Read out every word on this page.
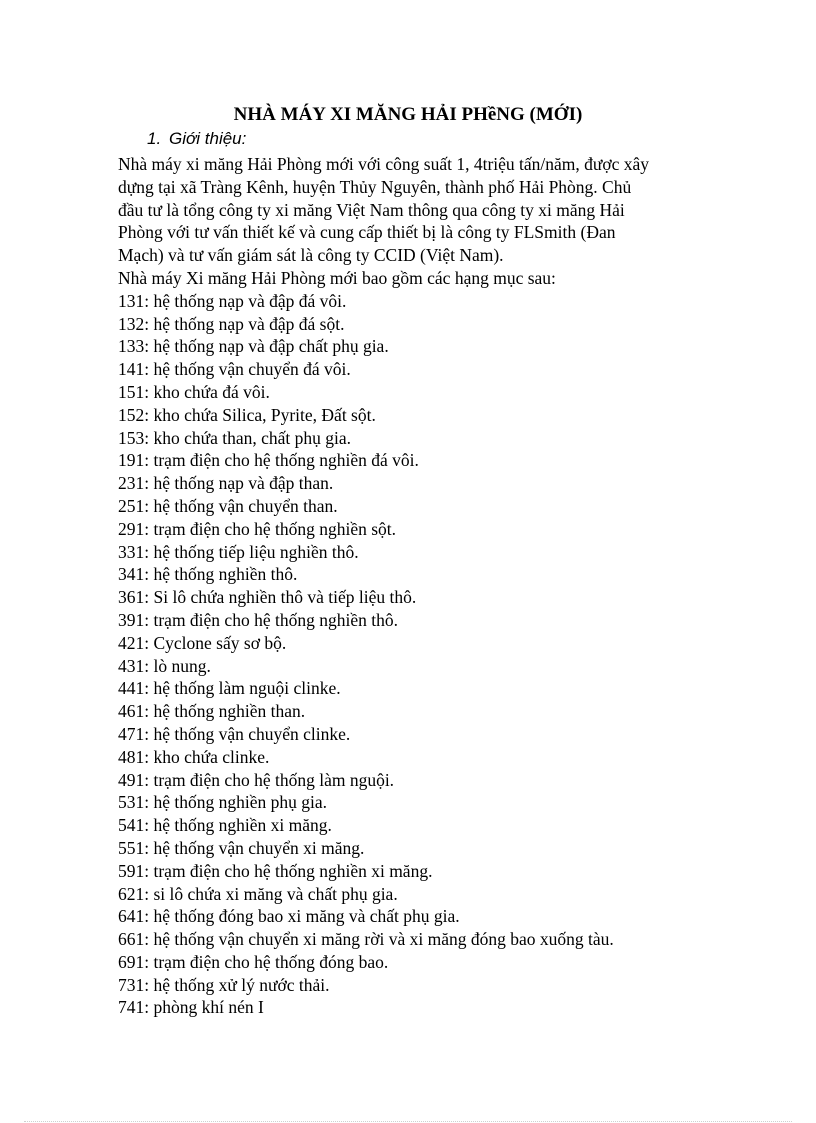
NHÀ MÁY XI MĂNG HẢI PHềNG (MỚI)
1. Giới thiệu:
Nhà máy xi măng Hải Phòng mới với công suất 1, 4triệu tấn/năm, được xây
dựng tại xã Tràng Kênh, huyện Thủy Nguyên, thành phố Hải Phòng. Chủ
đầu tư là tổng công ty xi măng Việt Nam thông qua công ty xi măng Hải
Phòng với tư vấn thiết kế và cung cấp thiết bị là công ty FLSmith (Đan
Mạch) và tư vấn giám sát là công ty CCID (Việt Nam).
Nhà máy Xi măng Hải Phòng mới bao gồm các hạng mục sau:
131: hệ thống nạp và đập đá vôi.
132: hệ thống nạp và đập đá sột.
133: hệ thống nạp và đập chất phụ gia.
141: hệ thống vận chuyển đá vôi.
151: kho chứa đá vôi.
152: kho chứa Silica, Pyrite, Đất sột.
153: kho chứa than, chất phụ gia.
191: trạm điện cho hệ thống nghiền đá vôi.
231: hệ thống nạp và đập than.
251: hệ thống vận chuyển than.
291: trạm điện cho hệ thống nghiền sột.
331: hệ thống tiếp liệu nghiền thô.
341: hệ thống nghiền thô.
361: Si lô chứa nghiền thô và tiếp liệu thô.
391: trạm điện cho hệ thống nghiền thô.
421: Cyclone sấy sơ bộ.
431: lò nung.
441: hệ thống làm nguội clinke.
461: hệ thống nghiền than.
471: hệ thống vận chuyển clinke.
481: kho chứa clinke.
491: trạm điện cho hệ thống làm nguội.
531: hệ thống nghiền phụ gia.
541: hệ thống nghiền xi măng.
551: hệ thống vận chuyển xi măng.
591: trạm điện cho hệ thống nghiền xi măng.
621: si lô chứa xi măng và chất phụ gia.
641: hệ thống đóng bao xi măng và chất phụ gia.
661: hệ thống vận chuyển xi măng rời và xi măng đóng bao xuống tàu.
691: trạm điện cho hệ thống đóng bao.
731: hệ thống xử lý nước thải.
741: phòng khí nén I
